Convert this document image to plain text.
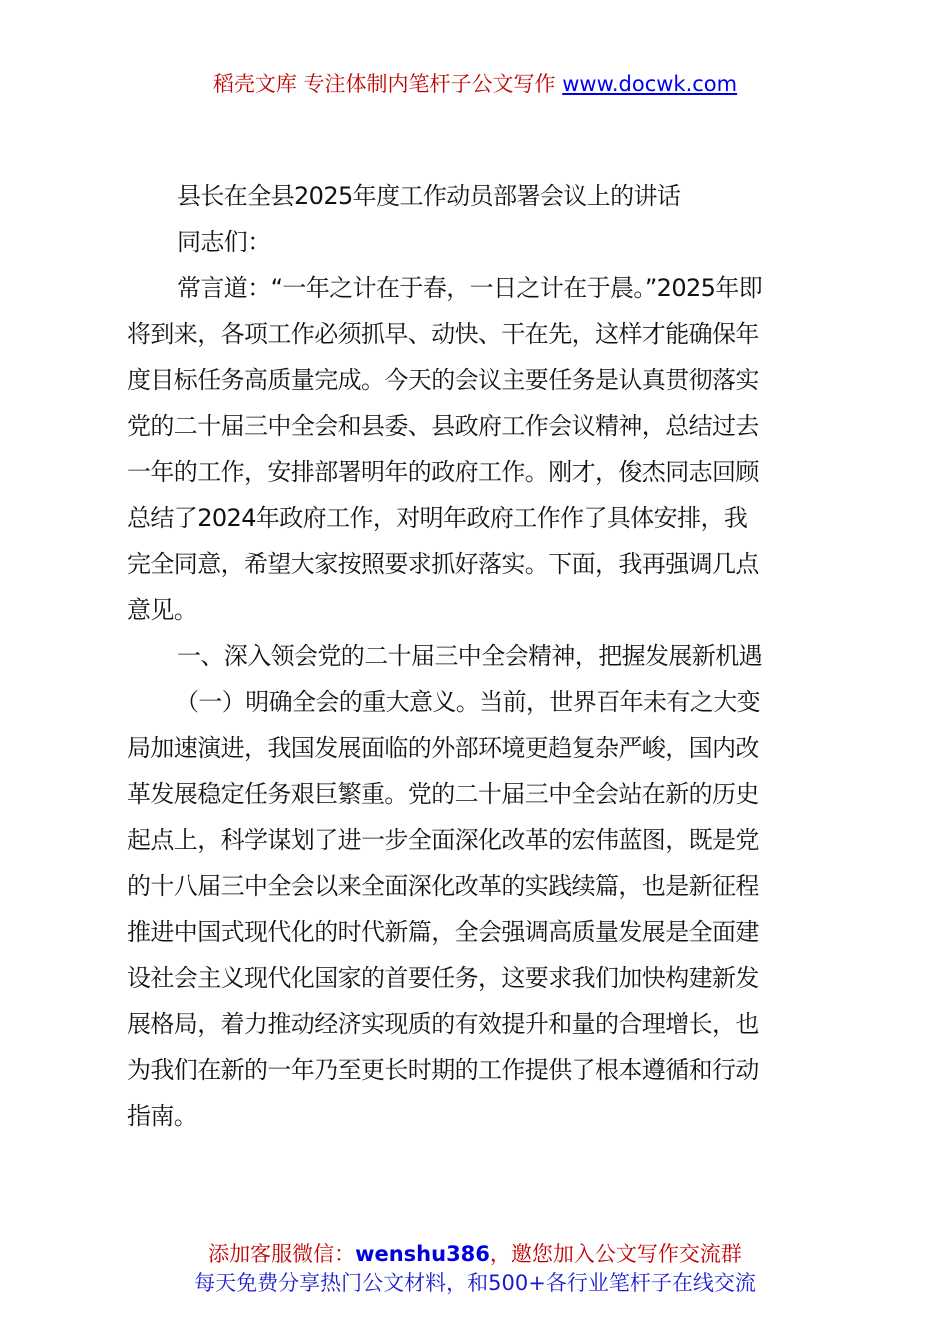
稻壳文库 专注体制内笔杆子公文写作 www.docwk.com
县长在全县2025年度工作动员部署会议上的讲话
同志们：
常言道：“一年之计在于春，一日之计在于晨。”2025年即
将到来，各项工作必须抓早、动快、干在先，这样才能确保年
度目标任务高质量完成。今天的会议主要任务是认真贯彻落实
党的二十届三中全会和县委、县政府工作会议精神，总结过去
一年的工作，安排部署明年的政府工作。刚才，俊杰同志回顾
总结了2024年政府工作，对明年政府工作作了具体安排，我
完全同意，希望大家按照要求抓好落实。下面，我再强调几点
意见。
一、深入领会党的二十届三中全会精神，把握发展新机遇
（一）明确全会的重大意义。当前，世界百年未有之大变
局加速演进，我国发展面临的外部环境更趋复杂严峻，国内改
革发展稳定任务艰巨繁重。党的二十届三中全会站在新的历史
起点上，科学谋划了进一步全面深化改革的宏伟蓝图，既是党
的十八届三中全会以来全面深化改革的实践续篇，也是新征程
推进中国式现代化的时代新篇，全会强调高质量发展是全面建
设社会主义现代化国家的首要任务，这要求我们加快构建新发
展格局，着力推动经济实现质的有效提升和量的合理增长，也
为我们在新的一年乃至更长时期的工作提供了根本遵循和行动
指南。
添加客服微信：wenshu386，邀您加入公文写作交流群
每天免费分享热门公文材料，和500+各行业笔杆子在线交流
